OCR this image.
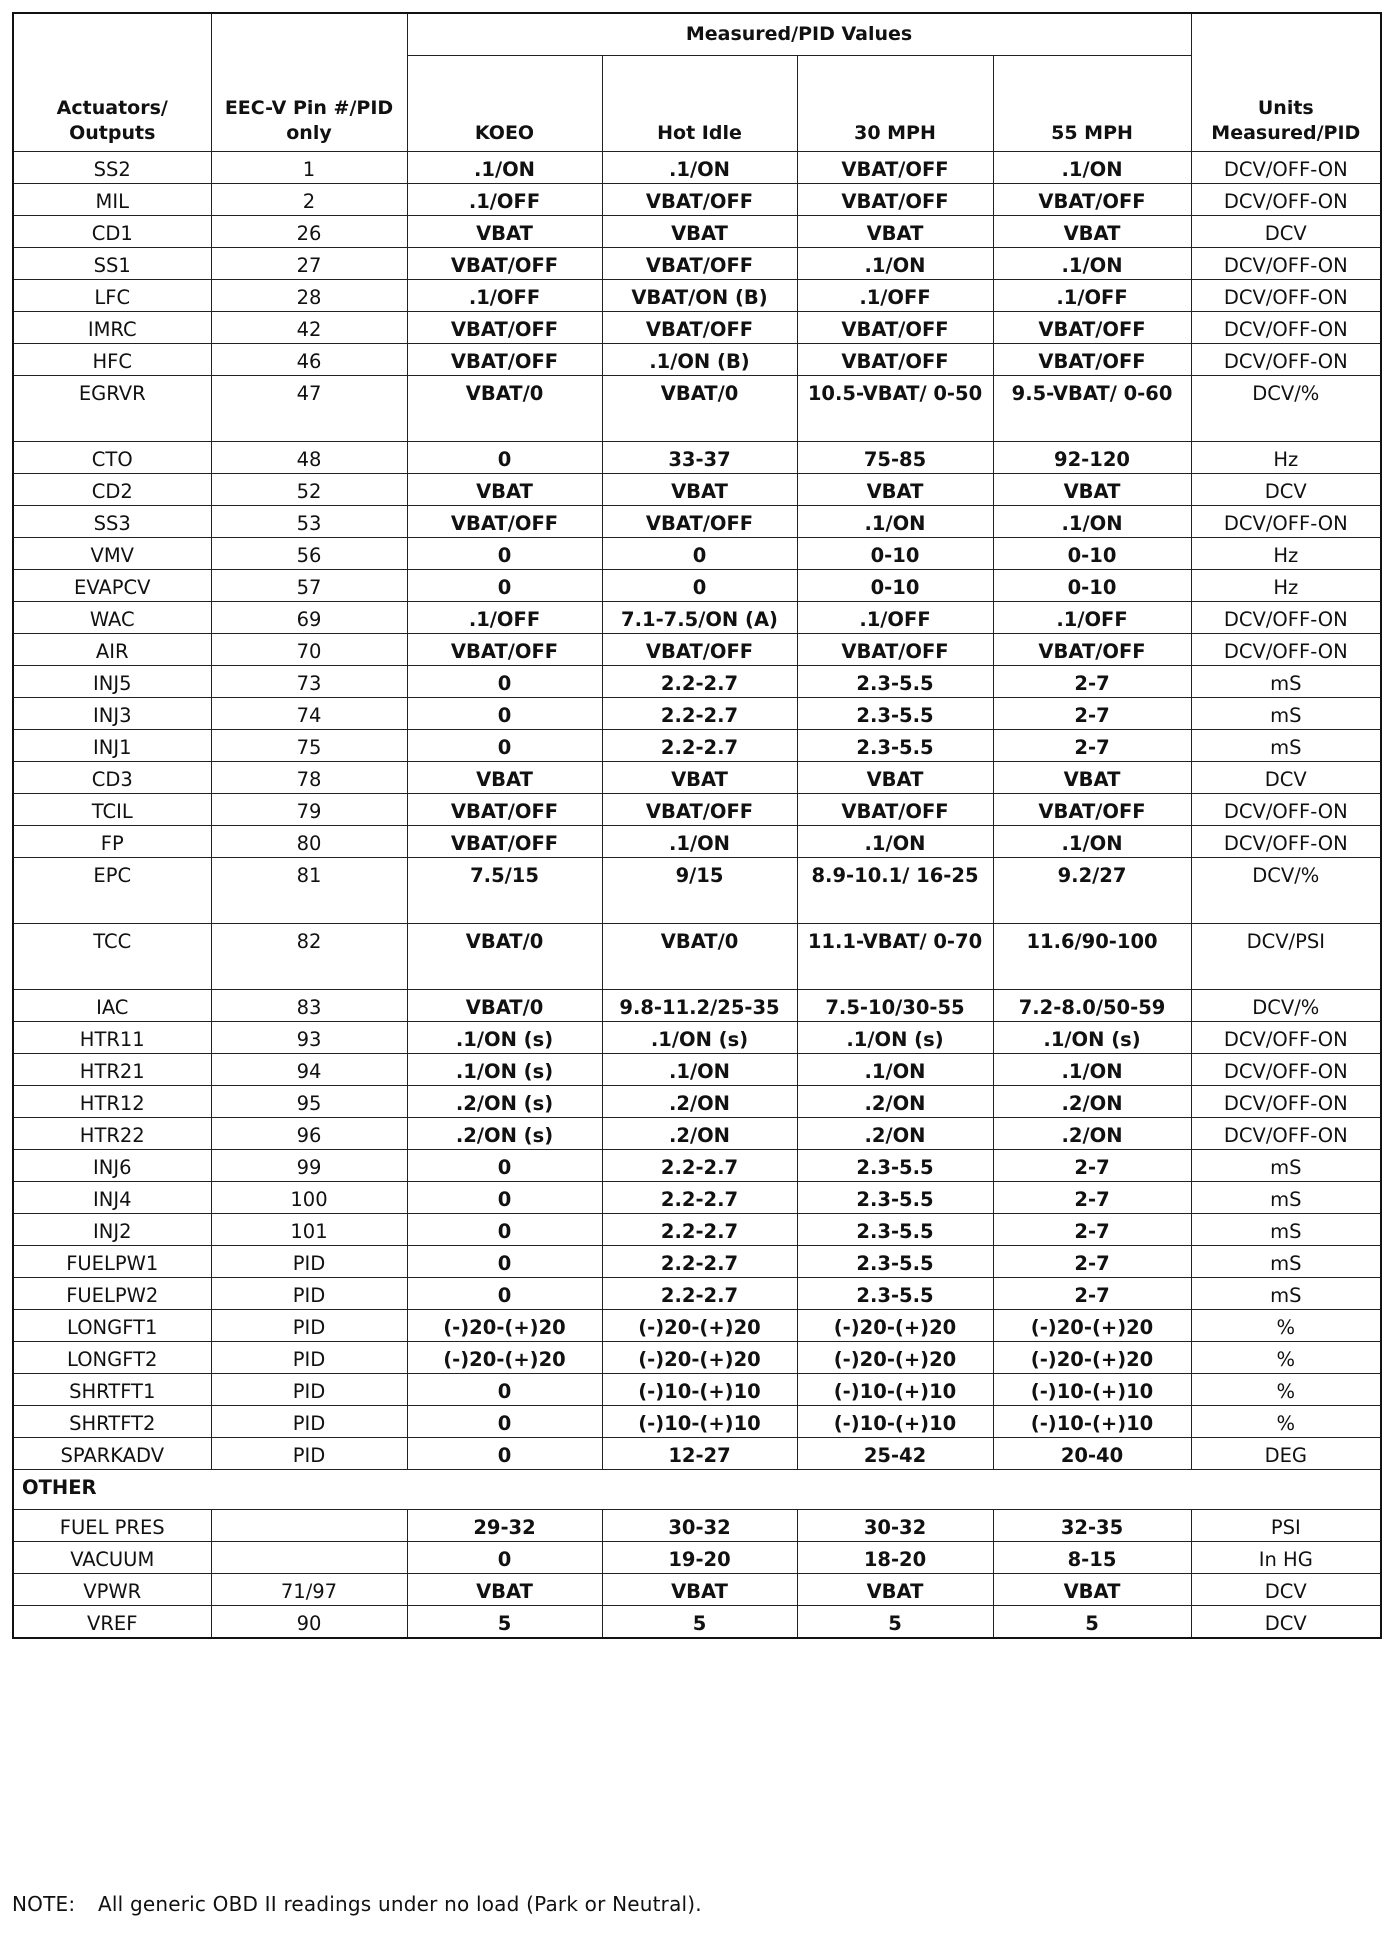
Actuators/ Outputs	EEC-V Pin #/PID only	Measured/PID Values				Units Measured/PID
		KOEO	Hot Idle	30 MPH	55 MPH	
SS2	1	.1/ON	.1/ON	VBAT/OFF	.1/ON	DCV/OFF-ON
MIL	2	.1/OFF	VBAT/OFF	VBAT/OFF	VBAT/OFF	DCV/OFF-ON
CD1	26	VBAT	VBAT	VBAT	VBAT	DCV
SS1	27	VBAT/OFF	VBAT/OFF	.1/ON	.1/ON	DCV/OFF-ON
LFC	28	.1/OFF	VBAT/ON (B)	.1/OFF	.1/OFF	DCV/OFF-ON
IMRC	42	VBAT/OFF	VBAT/OFF	VBAT/OFF	VBAT/OFF	DCV/OFF-ON
HFC	46	VBAT/OFF	.1/ON (B)	VBAT/OFF	VBAT/OFF	DCV/OFF-ON
EGRVR	47	VBAT/0	VBAT/0	10.5-VBAT/ 0-50	9.5-VBAT/ 0-60	DCV/%
CTO	48	0	33-37	75-85	92-120	Hz
CD2	52	VBAT	VBAT	VBAT	VBAT	DCV
SS3	53	VBAT/OFF	VBAT/OFF	.1/ON	.1/ON	DCV/OFF-ON
VMV	56	0	0	0-10	0-10	Hz
EVAPCV	57	0	0	0-10	0-10	Hz
WAC	69	.1/OFF	7.1-7.5/ON (A)	.1/OFF	.1/OFF	DCV/OFF-ON
AIR	70	VBAT/OFF	VBAT/OFF	VBAT/OFF	VBAT/OFF	DCV/OFF-ON
INJ5	73	0	2.2-2.7	2.3-5.5	2-7	mS
INJ3	74	0	2.2-2.7	2.3-5.5	2-7	mS
INJ1	75	0	2.2-2.7	2.3-5.5	2-7	mS
CD3	78	VBAT	VBAT	VBAT	VBAT	DCV
TCIL	79	VBAT/OFF	VBAT/OFF	VBAT/OFF	VBAT/OFF	DCV/OFF-ON
FP	80	VBAT/OFF	.1/ON	.1/ON	.1/ON	DCV/OFF-ON
EPC	81	7.5/15	9/15	8.9-10.1/ 16-25	9.2/27	DCV/%
TCC	82	VBAT/0	VBAT/0	11.1-VBAT/ 0-70	11.6/90-100	DCV/PSI
IAC	83	VBAT/0	9.8-11.2/25-35	7.5-10/30-55	7.2-8.0/50-59	DCV/%
HTR11	93	.1/ON (s)	.1/ON (s)	.1/ON (s)	.1/ON (s)	DCV/OFF-ON
HTR21	94	.1/ON (s)	.1/ON	.1/ON	.1/ON	DCV/OFF-ON
HTR12	95	.2/ON (s)	.2/ON	.2/ON	.2/ON	DCV/OFF-ON
HTR22	96	.2/ON (s)	.2/ON	.2/ON	.2/ON	DCV/OFF-ON
INJ6	99	0	2.2-2.7	2.3-5.5	2-7	mS
INJ4	100	0	2.2-2.7	2.3-5.5	2-7	mS
INJ2	101	0	2.2-2.7	2.3-5.5	2-7	mS
FUELPW1	PID	0	2.2-2.7	2.3-5.5	2-7	mS
FUELPW2	PID	0	2.2-2.7	2.3-5.5	2-7	mS
LONGFT1	PID	(-)20-(+)20	(-)20-(+)20	(-)20-(+)20	(-)20-(+)20	%
LONGFT2	PID	(-)20-(+)20	(-)20-(+)20	(-)20-(+)20	(-)20-(+)20	%
SHRTFT1	PID	0	(-)10-(+)10	(-)10-(+)10	(-)10-(+)10	%
SHRTFT2	PID	0	(-)10-(+)10	(-)10-(+)10	(-)10-(+)10	%
SPARKADV	PID	0	12-27	25-42	20-40	DEG
OTHER						
FUEL PRES		29-32	30-32	30-32	32-35	PSI
VACUUM		0	19-20	18-20	8-15	In HG
VPWR	71/97	VBAT	VBAT	VBAT	VBAT	DCV
VREF	90	5	5	5	5	DCV
NOTE: All generic OBD II readings under no load (Park or Neutral).
